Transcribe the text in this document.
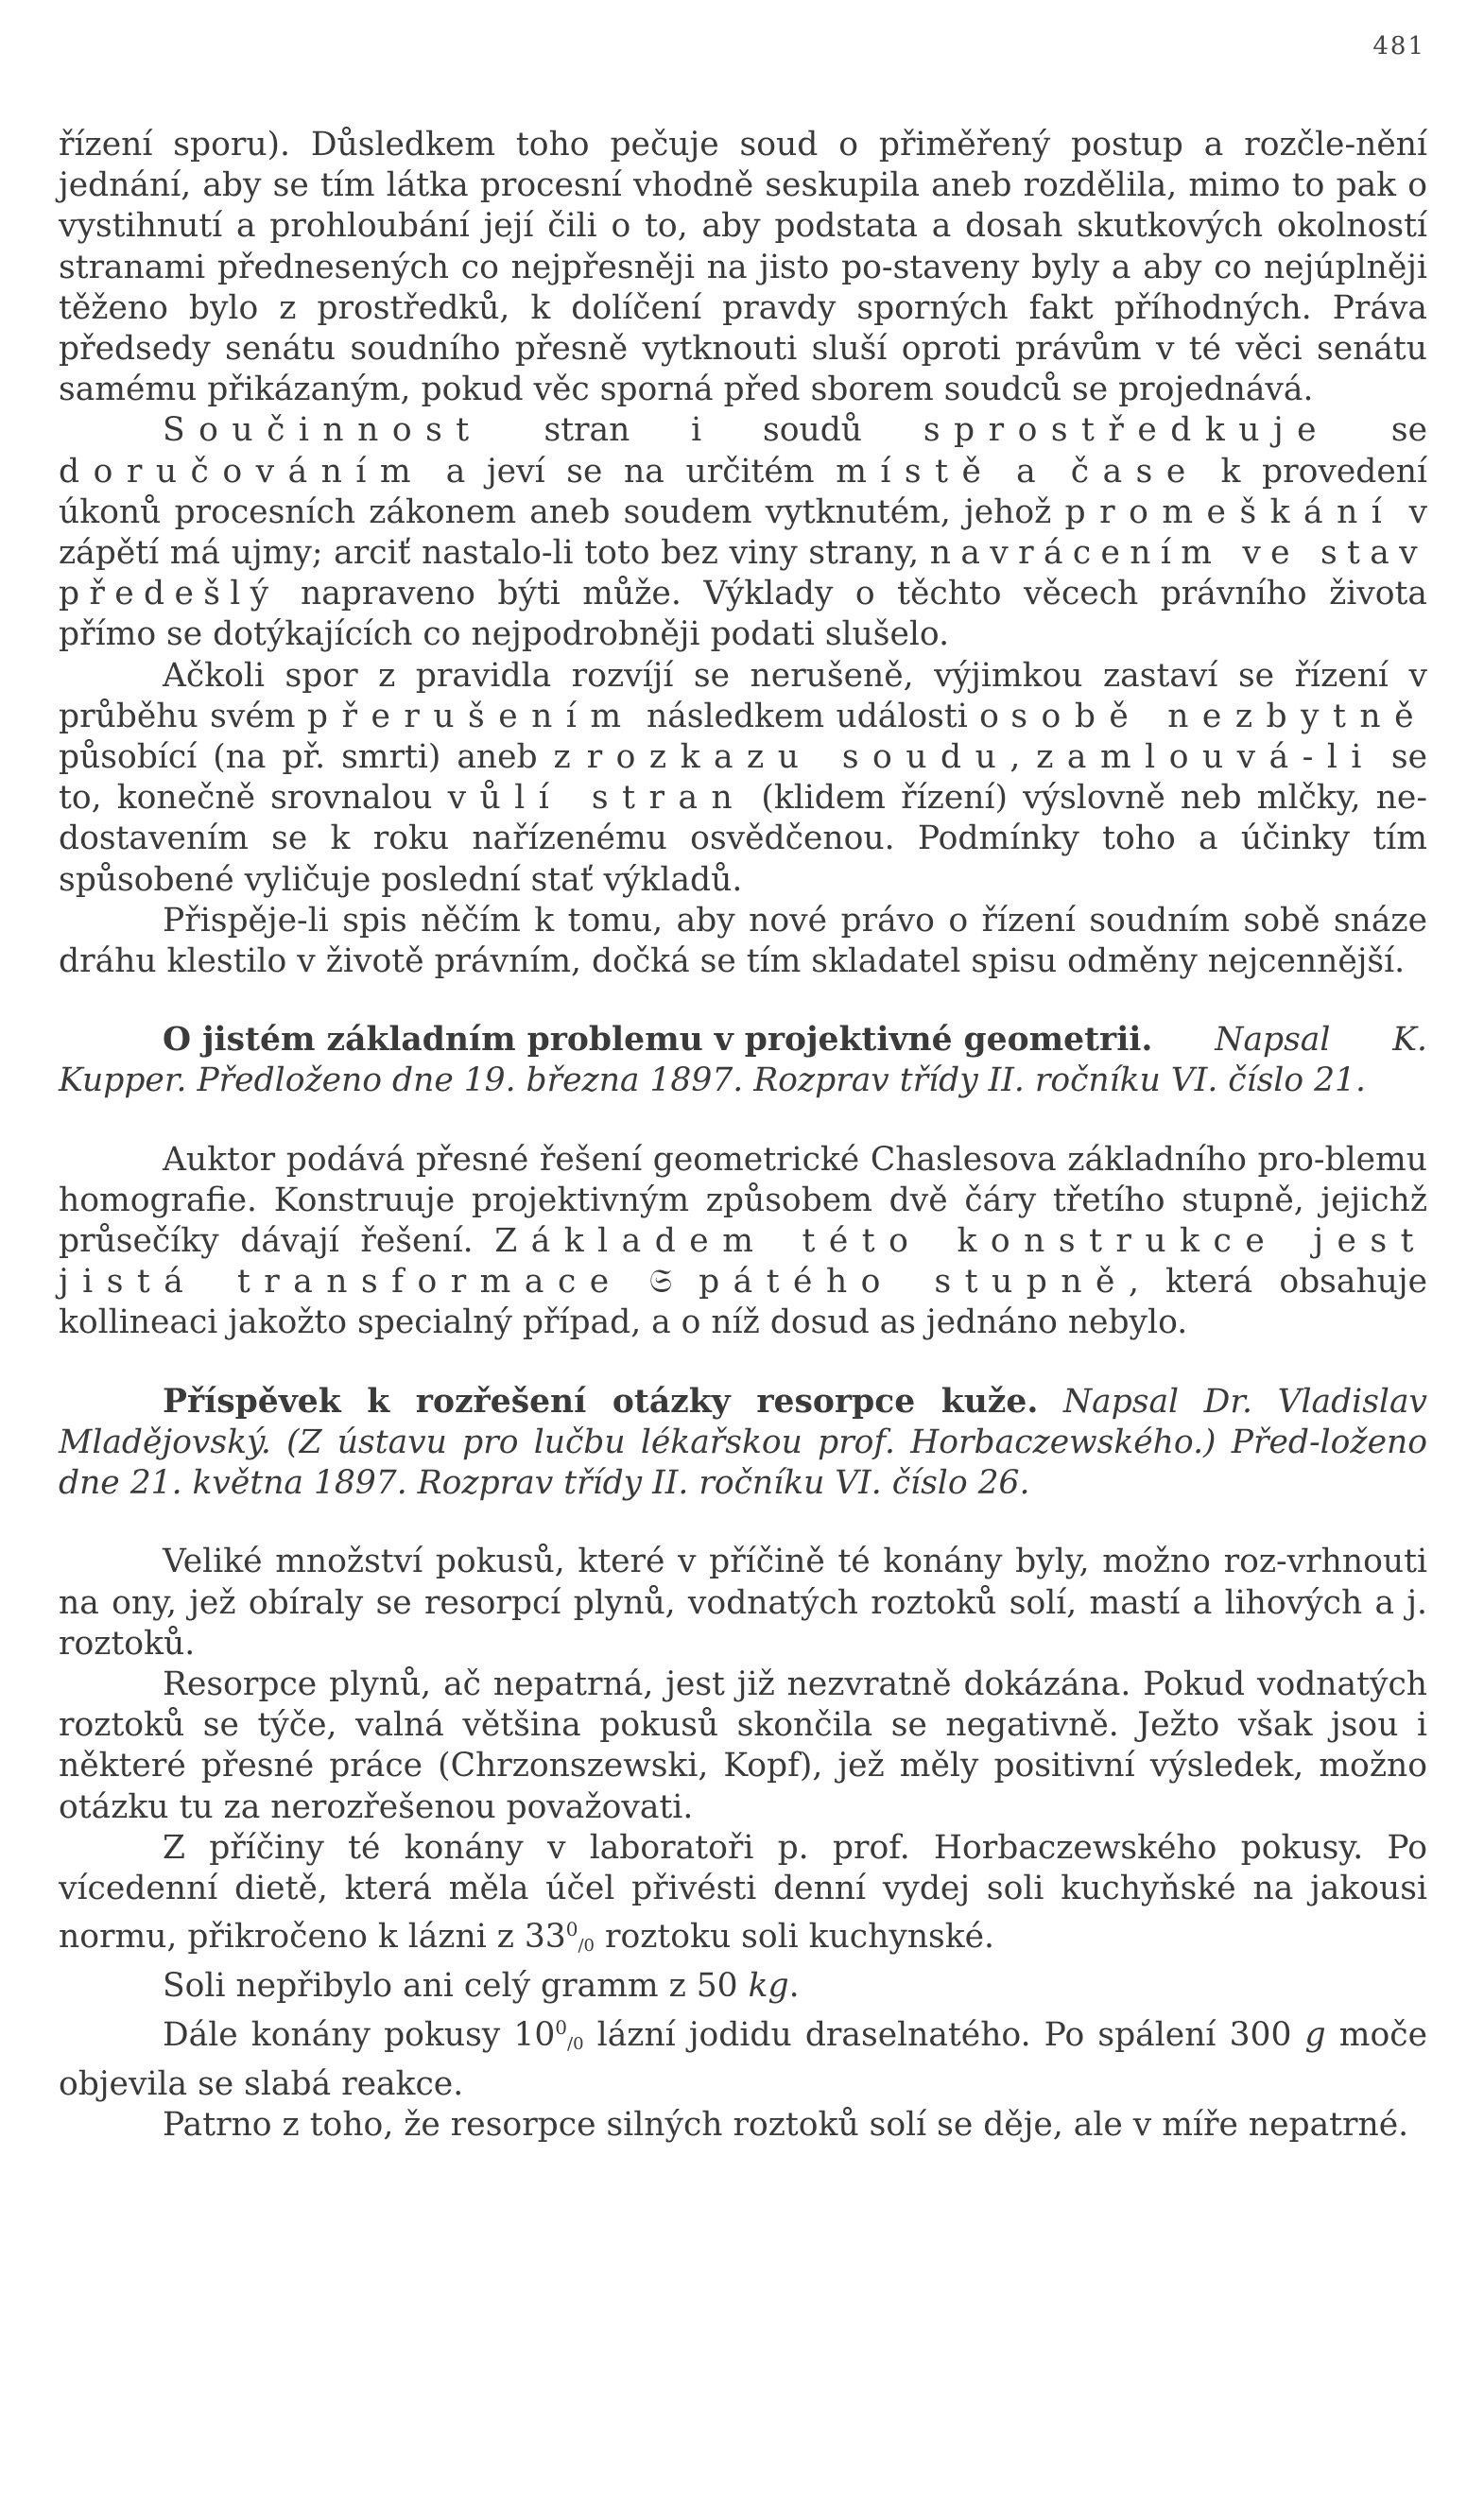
481

řízení sporu). Důsledkem toho pečuje soud o přiměřený postup a rozčle-nění jednání, aby se tím látka procesní vhodně seskupila aneb rozdělila, mimo to pak o vystihnutí a prohloubání její čili o to, aby podstata a dosah skutkových okolností stranami přednesených co nejpřesněji na jisto po-staveny byly a aby co nejúplněji těženo bylo z prostředků, k dolíčení pravdy sporných fakt příhodných. Práva předsedy senátu soudního přesně vytknouti sluší oproti právům v té věci senátu samému přikázaným, pokud věc sporná před sborem soudců se projednává.

Součinnost stran i soudů sprostředkuje se doručováním a jeví se na určitém místě a čase k provedení úkonů procesních zákonem aneb soudem vytknutém, jehož promeškání v zápětí má ujmy; arciť nastalo-li toto bez viny strany, navrácením ve stav předešlý napraveno býti může. Výklady o těchto věcech právního života přímo se dotýkajících co nejpodrobněji podati slušelo.

Ačkoli spor z pravidla rozvíjí se nerušeně, výjimkou zastaví se řízení v průběhu svém přerušením následkem události o sobě nezbytně působící (na př. smrti) aneb z rozkazu soudu, zamlouvá-li se to, konečně srovnalou vůlí stran (klidem řízení) výslovně neb mlčky, ne-dostavením se k roku nařízenému osvědčenou. Podmínky toho a účinky tím spůsobené vyličuje poslední stať výkladů.

Přispěje-li spis něčím k tomu, aby nové právo o řízení soudním sobě snáze dráhu klestilo v životě právním, dočká se tím skladatel spisu odměny nejcennější.

O jistém základním problemu v projektivné geometrii. Napsal K. Kupper. Předloženo dne 19. března 1897. Rozprav třídy II. ročníku VI. číslo 21.

Auktor podává přesné řešení geometrické Chaslesova základního pro-blemu homografie. Konstruuje projektivným způsobem dvě čáry třetího stupně, jejichž průsečíky dávají řešení. Základem této konstrukce jest jistá transformace 𝔖 pátého stupně, která obsahuje kollineaci jakožto specialný případ, a o níž dosud as jednáno nebylo.

Příspěvek k rozřešení otázky resorpce kuže. Napsal Dr. Vladislav Mladějovský. (Z ústavu pro lučbu lékařskou prof. Horbaczewského.) Před-loženo dne 21. května 1897. Rozprav třídy II. ročníku VI. číslo 26.

Veliké množství pokusů, které v příčině té konány byly, možno roz-vrhnouti na ony, jež obíraly se resorpcí plynů, vodnatých roztoků solí, mastí a lihových a j. roztoků.

Resorpce plynů, ač nepatrná, jest již nezvratně dokázána. Pokud vodnatých roztoků se týče, valná většina pokusů skončila se negativně. Ježto však jsou i některé přesné práce (Chrzonszewski, Kopf), jež měly positivní výsledek, možno otázku tu za nerozřešenou považovati.

Z příčiny té konány v laboratoři p. prof. Horbaczewského pokusy. Po vícedenní dietě, která měla účel přivésti denní vydej soli kuchyňské na jakousi normu, přikročeno k lázni z $33^0_{/0}$ roztoku soli kuchynské.

Soli nepřibylo ani celý gramm z 50 kg.

Dále konány pokusy $10^0_{/0}$ lázní jodidu draselnatého. Po spálení 300 g moče objevila se slabá reakce.

Patrno z toho, že resorpce silných roztoků solí se děje, ale v míře nepatrné.
